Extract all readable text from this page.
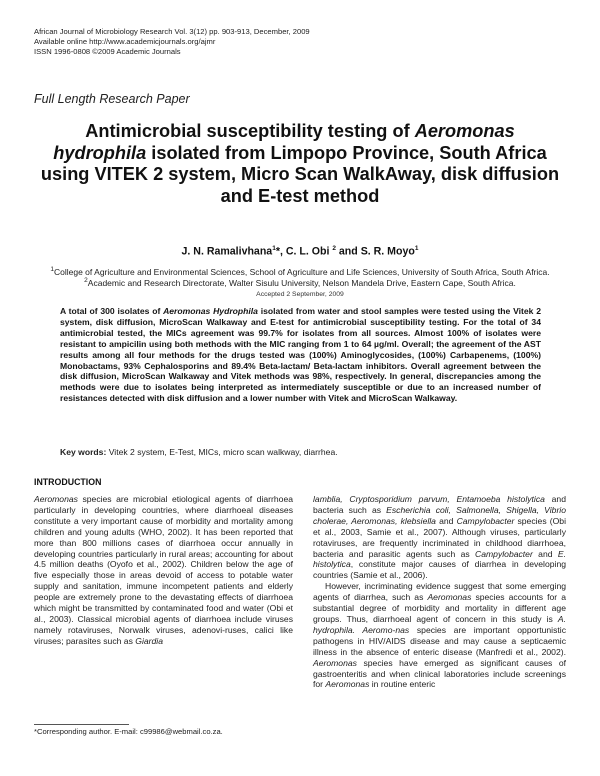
African Journal of Microbiology Research Vol. 3(12) pp. 903-913, December, 2009
Available online http://www.academicjournals.org/ajmr
ISSN 1996-0808 ©2009 Academic Journals
Full Length Research Paper
Antimicrobial susceptibility testing of Aeromonas hydrophila isolated from Limpopo Province, South Africa using VITEK 2 system, Micro Scan WalkAway, disk diffusion and E-test method
J. N. Ramalivhana$^1$*, C. L. Obi $^2$ and S. R. Moyo$^1$
$^1$College of Agriculture and Environmental Sciences, School of Agriculture and Life Sciences, University of South Africa, South Africa.
$^2$Academic and Research Directorate, Walter Sisulu University, Nelson Mandela Drive, Eastern Cape, South Africa.
Accepted 2 September, 2009
A total of 300 isolates of Aeromonas Hydrophila isolated from water and stool samples were tested using the Vitek 2 system, disk diffusion, MicroScan Walkaway and E-test for antimicrobial susceptibility testing. For the total of 34 antimicrobial tested, the MICs agreement was 99.7% for isolates from all sources. Almost 100% of isolates were resistant to ampicilin using both methods with the MIC ranging from 1 to 64 µg/ml. Overall; the agreement of the AST results among all four methods for the drugs tested was (100%) Aminoglycosides, (100%) Carbapenems, (100%) Monobactams, 93% Cephalosporins and 89.4% Beta-lactam/ Beta-lactam inhibitors. Overall agreement between the disk diffusion, MicroScan Walkaway and Vitek methods was 98%, respectively. In general, discrepancies among the methods were due to isolates being interpreted as intermediately susceptible or due to an increased number of resistances detected with disk diffusion and a lower number with Vitek and MicroScan Walkaway.
Key words: Vitek 2 system, E-Test, MICs, micro scan walkway, diarrhea.
INTRODUCTION

Aeromonas species are microbial etiological agents of diarrhoea particularly in developing countries, where diarrhoeal diseases constitute a very important cause of morbidity and mortality among children and young adults (WHO, 2002). It has been reported that more than 800 millions cases of diarrhoea occur annually in developing countries particularly in rural areas; accounting for about 4.5 million deaths (Oyofo et al., 2002). Children below the age of five especially those in areas devoid of access to potable water supply and sanitation, immune incompetent patients and elderly people are extremely prone to the devastating effects of diarrhoea which might be transmitted by contaminated food and water (Obi et al., 2003). Classical microbial agents of diarrhoea include viruses namely rotaviruses, Norwalk viruses, adenovi-ruses, calici like viruses; parasites such as Giardia

lamblia, Cryptosporidium parvum, Entamoeba histolytica and bacteria such as Escherichia coli, Salmonella, Shigella, Vibrio cholerae, Aeromonas, klebsiella and Campylobacter species (Obi et al., 2003, Samie et al., 2007). Although viruses, particularly rotaviruses, are frequently incriminated in childhood diarrhoea, bacteria and parasitic agents such as Campylobacter and E. histolytica, constitute major causes of diarrhea in developing countries (Samie et al., 2006).

However, incriminating evidence suggest that some emerging agents of diarrhea, such as Aeromonas species accounts for a substantial degree of morbidity and mortality in different age groups. Thus, diarrhoeal agent of concern in this study is A. hydrophila. Aeromo-nas species are important opportunistic pathogens in HIV/AIDS disease and may cause a septicaemic illness in the absence of enteric disease (Manfredi et al., 2002). Aeromonas species have emerged as significant causes of gastroenteritis and when clinical laboratories include screenings for Aeromonas in routine enteric

*Corresponding author. E-mail: c99986@webmail.co.za.
